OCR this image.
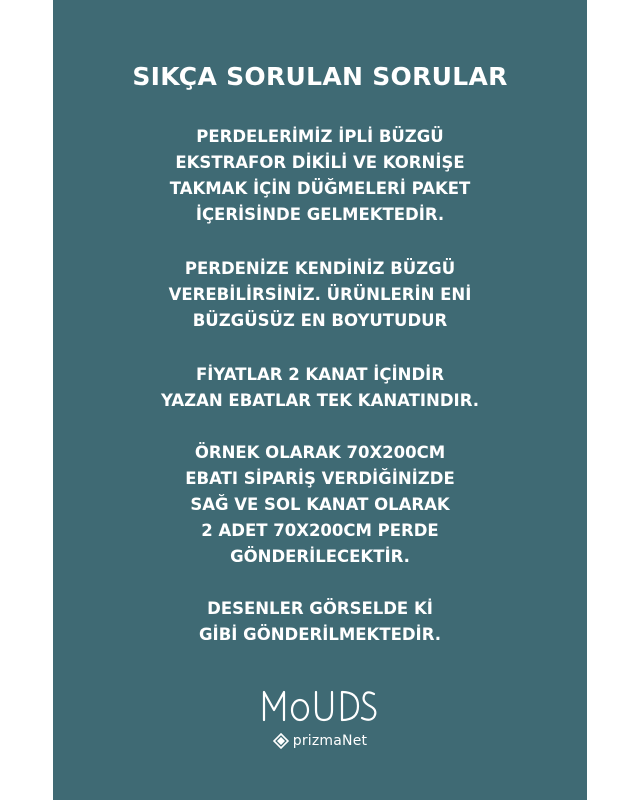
SIKÇA SORULAN SORULAR
PERDELERİMİZ İPLİ BÜZGÜ
EKSTRAFOR DİKİLİ VE KORNİŞE
TAKMAK İÇİN DÜĞMELERİ PAKET
İÇERİSİNDE GELMEKTEDİR.
PERDENİZE KENDİNİZ BÜZGÜ
VEREBİLİRSİNİZ. ÜRÜNLERİN ENİ
BÜZGÜSÜZ EN BOYUTUDUR
FİYATLAR 2 KANAT İÇİNDİR
YAZAN EBATLAR TEK KANATINDIR.
ÖRNEK OLARAK 70X200CM
EBATI SİPARİŞ VERDİĞİNİZDE
SAĞ VE SOL KANAT OLARAK
2 ADET 70X200CM PERDE
GÖNDERİLECEKTİR.
DESENLER GÖRSELDE Kİ
GİBİ GÖNDERİLMEKTEDİR.
prizmaNet
